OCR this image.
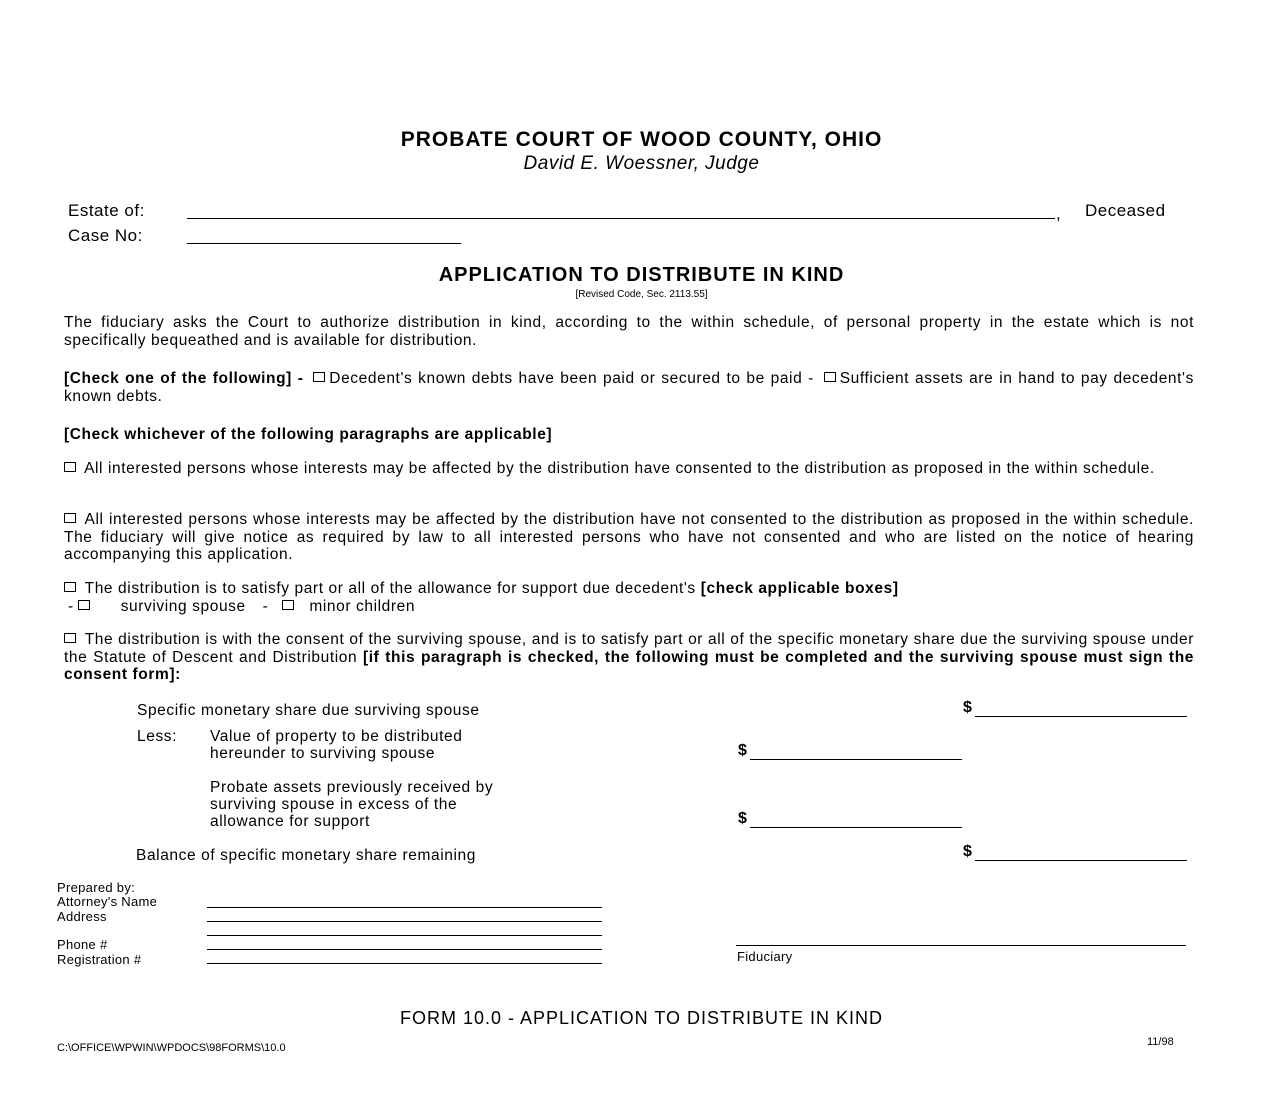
PROBATE COURT OF WOOD COUNTY, OHIO
David E. Woessner, Judge
Estate of:	, Deceased
Case No:
APPLICATION TO DISTRIBUTE IN KIND
[Revised Code, Sec. 2113.55]
The fiduciary asks the Court to authorize distribution in kind, according to the within schedule, of personal property in the estate which is not specifically bequeathed and is available for distribution.
[Check one of the following] - Decedent's known debts have been paid or secured to be paid - Sufficient assets are in hand to pay decedent's known debts.
[Check whichever of the following paragraphs are applicable]
All interested persons whose interests may be affected by the distribution have consented to the distribution as proposed in the within schedule.
All interested persons whose interests may be affected by the distribution have not consented to the distribution as proposed in the within schedule. The fiduciary will give notice as required by law to all interested persons who have not consented and who are listed on the notice of hearing accompanying this application.
The distribution is to satisfy part or all of the allowance for support due decedent's [check applicable boxes]
-	surviving spouse -	minor children
The distribution is with the consent of the surviving spouse, and is to satisfy part or all of the specific monetary share due the surviving spouse under the Statute of Descent and Distribution [if this paragraph is checked, the following must be completed and the surviving spouse must sign the consent form]:
Specific monetary share due surviving spouse	$
Less: Value of property to be distributed
hereunder to surviving spouse	$
Probate assets previously received by
surviving spouse in excess of the
allowance for support	$
Balance of specific monetary share remaining	$
Prepared by:
Attorney's Name
Address
Phone #
Registration #	Fiduciary
FORM 10.0 - APPLICATION TO DISTRIBUTE IN KIND
C:\OFFICE\WPWIN\WPDOCS\98FORMS\10.0	11/98
